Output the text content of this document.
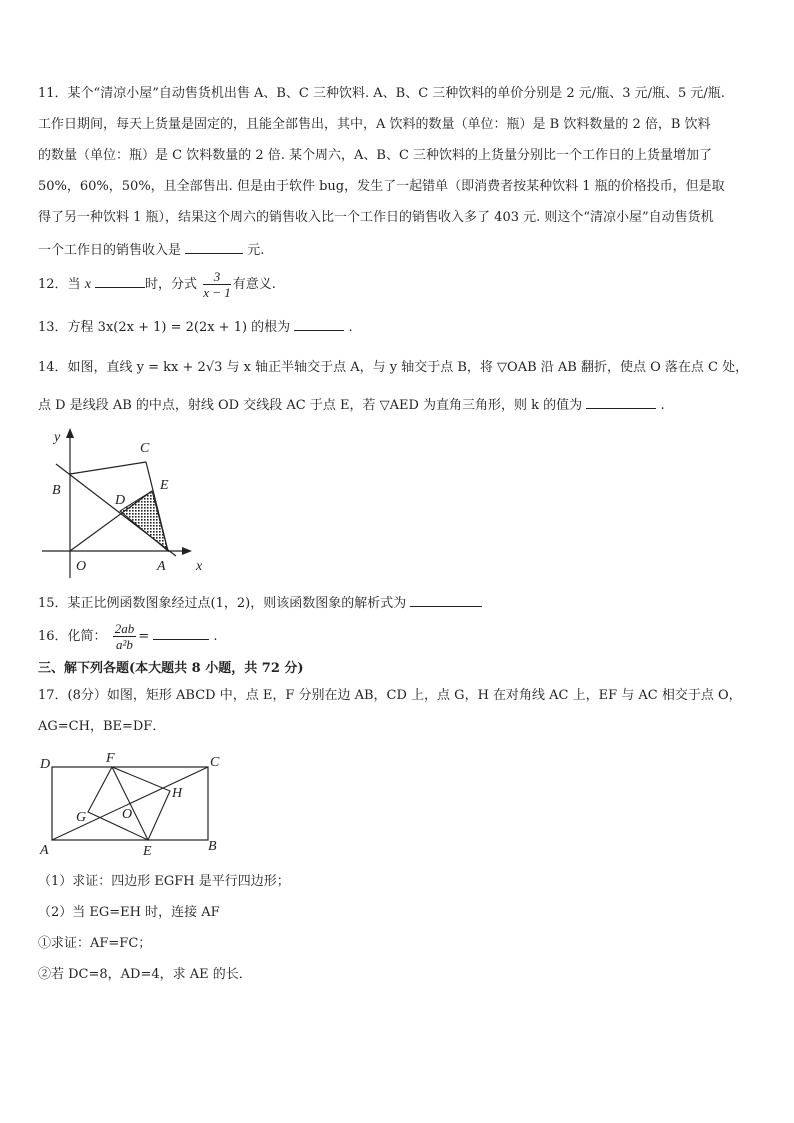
11．某个“清凉小屋”自动售货机出售 A、B、C 三种饮料. A、B、C 三种饮料的单价分别是 2 元/瓶、3 元/瓶、5 元/瓶.
工作日期间，每天上货量是固定的，且能全部售出，其中，A 饮料的数量（单位：瓶）是 B 饮料数量的 2 倍，B 饮料
的数量（单位：瓶）是 C 饮料数量的 2 倍. 某个周六，A、B、C 三种饮料的上货量分别比一个工作日的上货量增加了
50%，60%，50%，且全部售出. 但是由于软件 bug，发生了一起错单（即消费者按某种饮料 1 瓶的价格投币，但是取
得了另一种饮料 1 瓶），结果这个周六的销售收入比一个工作日的销售收入多了 403 元. 则这个“清凉小屋”自动售货机
一个工作日的销售收入是	元.
12．当 x	时，分式 $\frac{3}{x - 1}$ 有意义.
13．方程 3x(2x + 1) = 2(2x + 1) 的根为	.
14．如图，直线 y = kx + 2√3 与 x 轴正半轴交于点 A，与 y 轴交于点 B，将 ▽OAB 沿 AB 翻折，使点 O 落在点 C 处，
点 D 是线段 AB 的中点，射线 OD 交线段 AC 于点 E，若 ▽AED 为直角三角形，则 k 的值为	.
y
x
B
C
D
E
O	A
15．某正比例函数图象经过点(1，2)，则该函数图象的解析式为
16．化简： $\frac{2ab}{\text{a²b}}$ =	.
三、解下列各题(本大题共 8 小题，共 72 分)
17．(8分）如图，矩形 ABCD 中，点 E，F 分别在边 AB，CD 上，点 G，H 在对角线 AC 上，EF 与 AC 相交于点 O，
AG=CH，BE=DF．
D	F	C
H
G	O
A	E	B
（1）求证：四边形 EGFH 是平行四边形；
（2）当 EG=EH 时，连接 AF
①求证：AF=FC；
②若 DC=8，AD=4，求 AE 的长．
